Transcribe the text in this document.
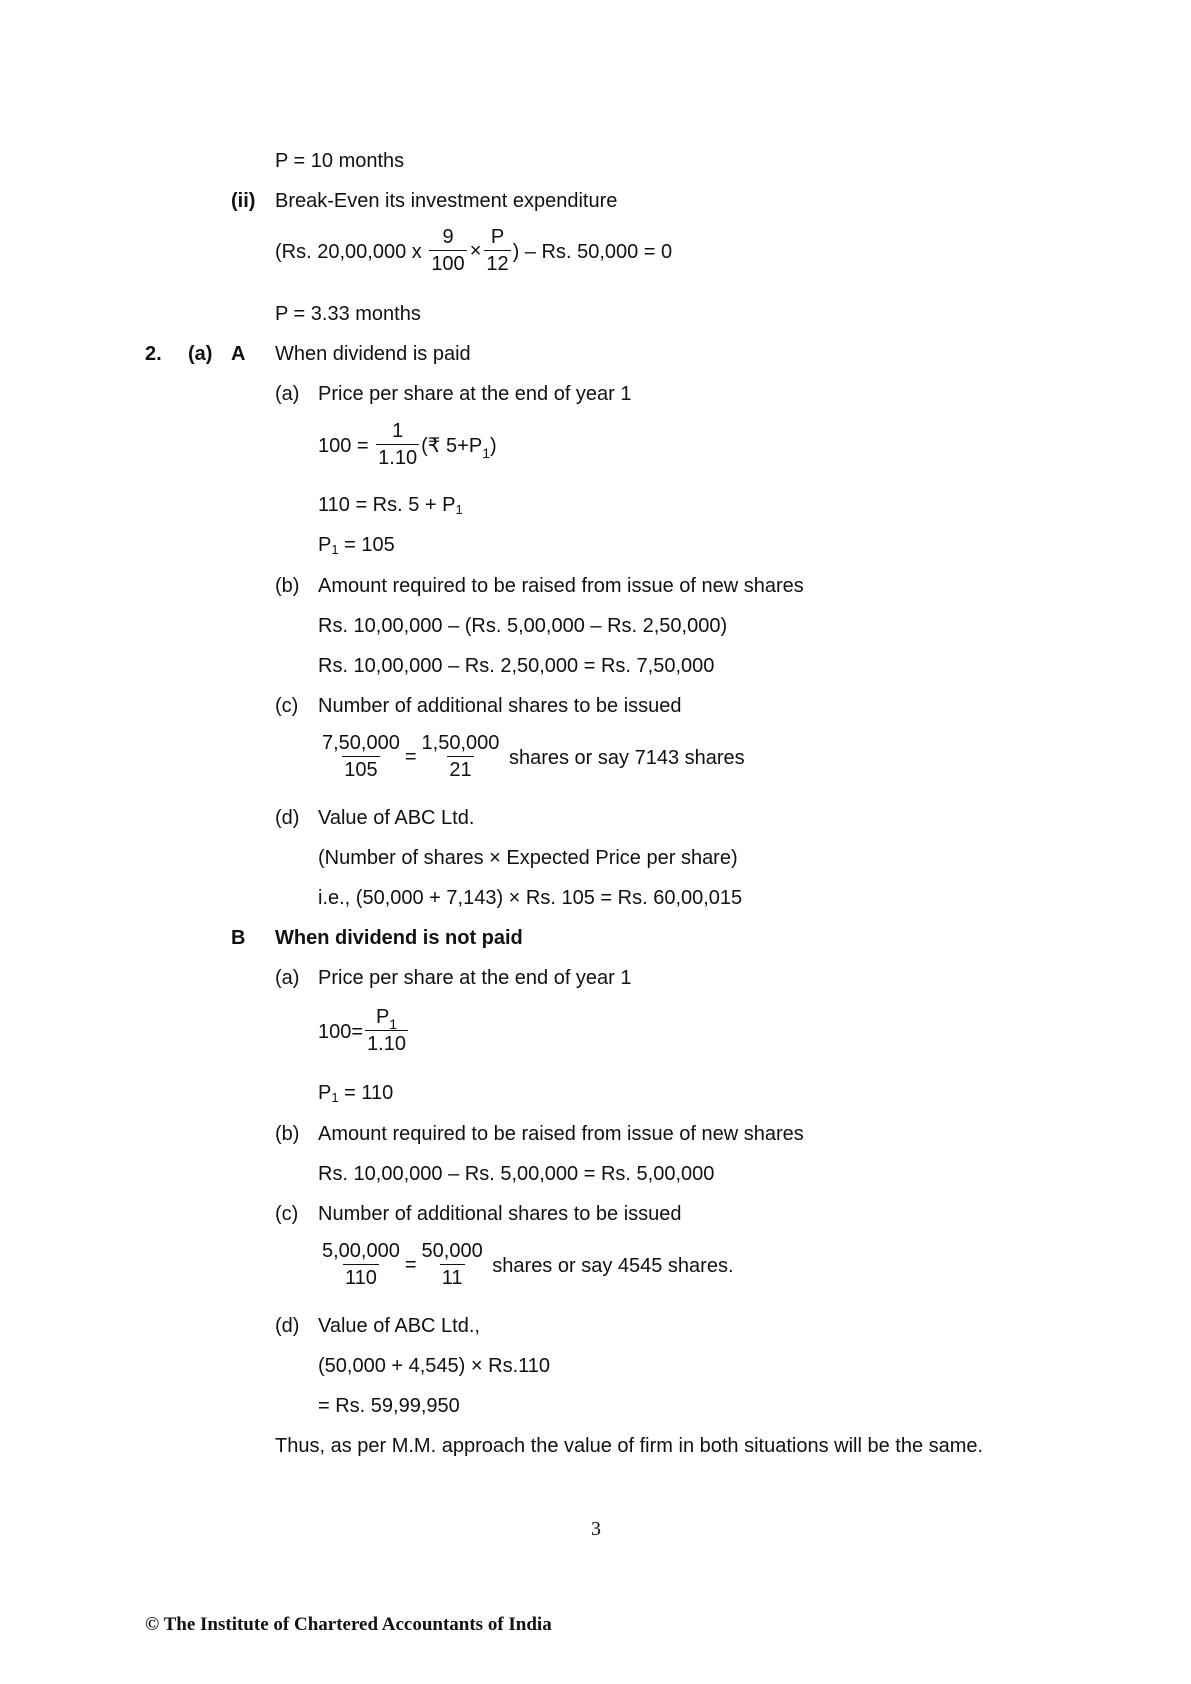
P = 10 months
(ii) Break-Even its investment expenditure
(Rs. 20,00,000 x $\frac{9}{100} \times \frac{P}{12}$ ) – Rs. 50,000 = 0
P = 3.33 months
2. (a) A When dividend is paid
(a) Price per share at the end of year 1
$100 = \frac{1}{1.10}$ (₹ $5+P_1$)
110 = Rs. $5 + P_1$
$P_1 = 105$
(b) Amount required to be raised from issue of new shares
Rs. 10,00,000 – (Rs. 5,00,000 – Rs. 2,50,000)
Rs. 10,00,000 – Rs. 2,50,000 = Rs. 7,50,000
(c) Number of additional shares to be issued
$\frac{7,50,000}{105} = \frac{1,50,000}{21}$ shares or say 7143 shares
(d) Value of ABC Ltd.
(Number of shares × Expected Price per share)
i.e., (50,000 + 7,143) × Rs. 105 = Rs. 60,00,015
B When dividend is not paid
(a) Price per share at the end of year 1
$100= \frac{P_1}{1.10}$
$P_1 = 110$
(b) Amount required to be raised from issue of new shares
Rs. 10,00,000 – Rs. 5,00,000 = Rs. 5,00,000
(c) Number of additional shares to be issued
$\frac{5,00,000}{110} = \frac{50,000}{11}$ shares or say 4545 shares.
(d) Value of ABC Ltd.,
(50,000 + 4,545) × Rs.110
= Rs. 59,99,950
Thus, as per M.M. approach the value of firm in both situations will be the same.
3
© The Institute of Chartered Accountants of India
